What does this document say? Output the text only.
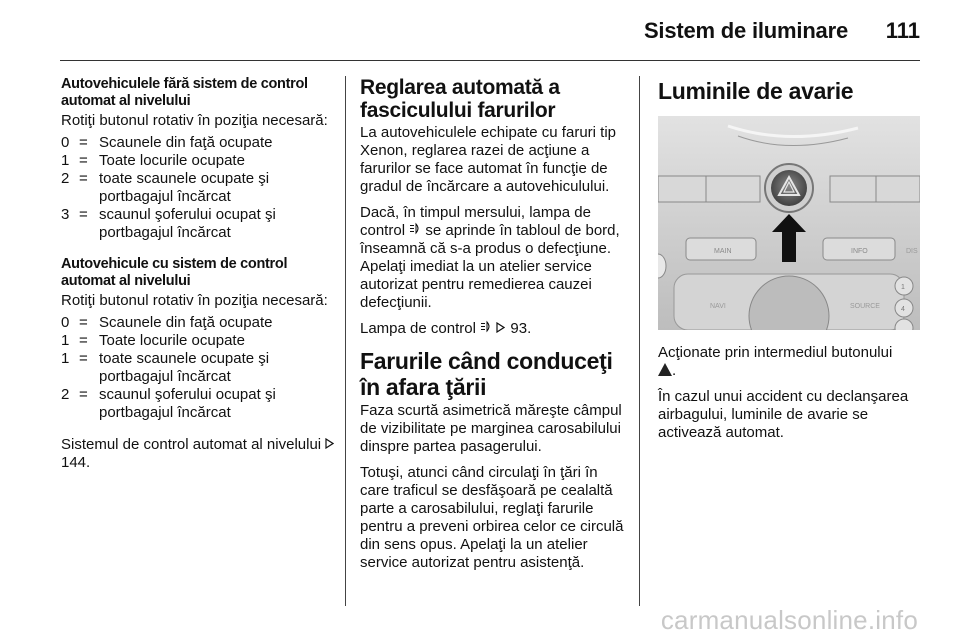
Sistem de iluminare 111

Autovehiculele fără sistem de control automat al nivelului

Rotiţi butonul rotativ în poziţia necesară:

0 = Scaunele din faţă ocupate
1 = Toate locurile ocupate
2 = toate scaunele ocupate şi portbagajul încărcat
3 = scaunul şoferului ocupat şi portbagajul încărcat

Autovehicule cu sistem de control automat al nivelului

Rotiţi butonul rotativ în poziţia necesară:

0 = Scaunele din faţă ocupate
1 = Toate locurile ocupate
1 = toate scaunele ocupate şi portbagajul încărcat
2 = scaunul şoferului ocupat şi portbagajul încărcat

Sistemul de control automat al nivelului  144.

Reglarea automată a fasciculului farurilor

La autovehiculele echipate cu faruri tip Xenon, reglarea razei de acţiune a farurilor se face automat în funcţie de gradul de încărcare a autovehiculului.

Dacă, în timpul mersului, lampa de control se aprinde în tabloul de bord, înseamnă că s-a produs o defecţiune. Apelaţi imediat la un atelier service autorizat pentru remedierea cauzei defecţiunii.

Lampa de control 93.

Farurile când conduceţi în afara ţării

Faza scurtă asimetrică măreşte câmpul de vizibilitate pe marginea carosabilului dinspre partea pasagerului.

Totuşi, atunci când circulaţi în ţări în care traficul se desfăşoară pe cealaltă parte a carosabilului, reglaţi farurile pentru a preveni orbirea celor ce circulă din sens opus. Apelaţi la un atelier service autorizat pentru asistenţă.

Luminile de avarie

MAIN	INFO	DIS
NAVI	SOURCE
1
4

Acţionate prin intermediul butonului
.

În cazul unui accident cu declanşarea airbagului, luminile de avarie se activează automat.

carmanualsonline.info
